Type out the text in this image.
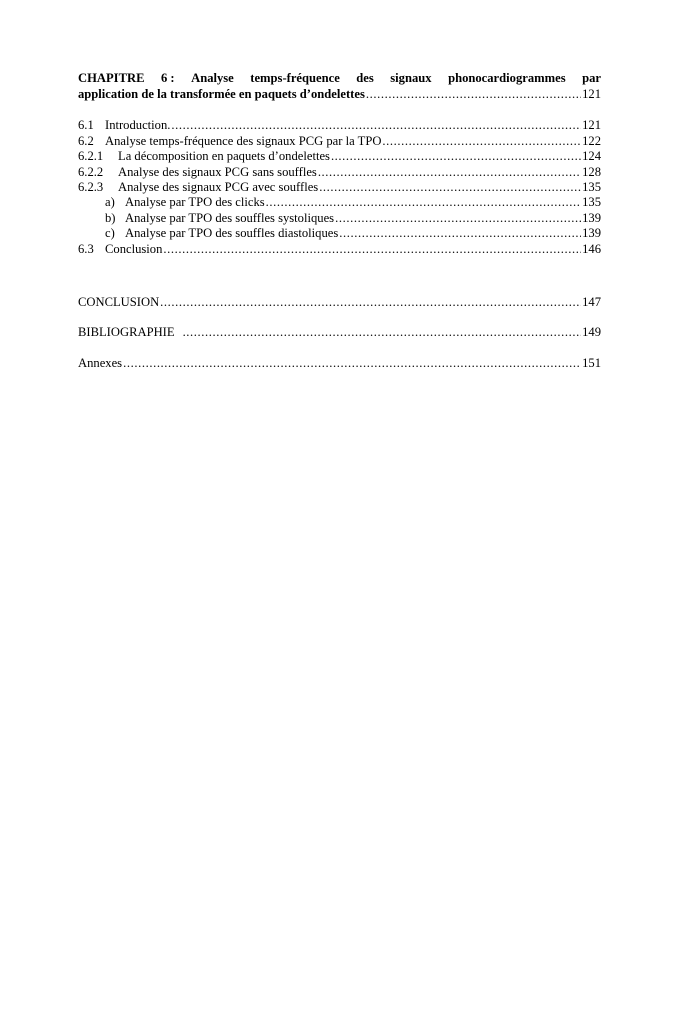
CHAPITRE 6 : Analyse temps-fréquence des signaux phonocardiogrammes par
application de la transformée en paquets d’ondelettes .....	121
6.1 Introduction. .....	121
6.2 Analyse temps-fréquence des signaux PCG par la TPO .....	122
6.2.1	La décomposition en paquets d’ondelettes .....	124
6.2.2	Analyse des signaux PCG sans souffles .....	128
6.2.3	Analyse des signaux PCG avec souffles .....	135
a) Analyse par TPO des clicks .....	135
b) Analyse par TPO des souffles systoliques .....	139
c) Analyse par TPO des souffles diastoliques .....	139
6.3 Conclusion .....	146
CONCLUSION .....	147
BIBLIOGRAPHIE .....	149
Annexes .....	151
